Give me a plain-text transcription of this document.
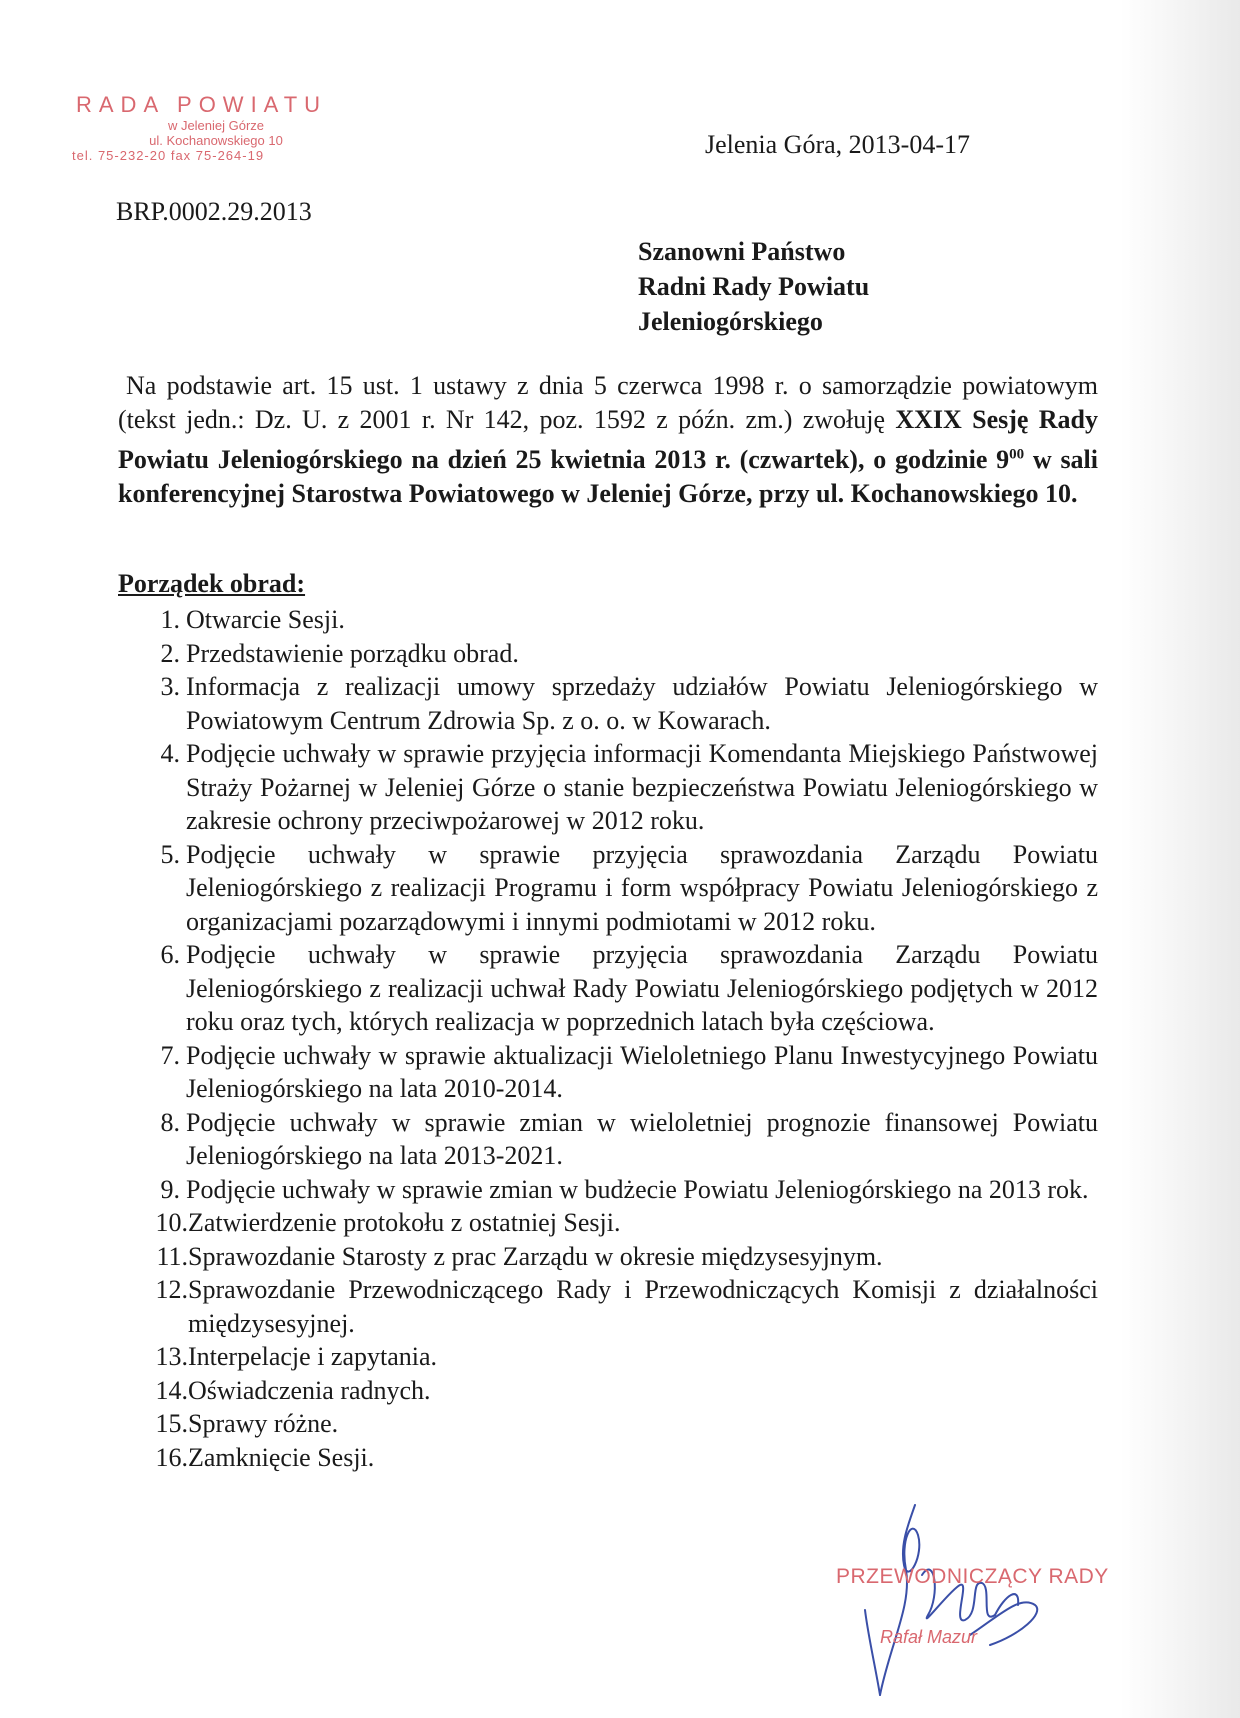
RADA POWIATU
w Jeleniej Górze
ul. Kochanowskiego 10
tel. 75-232-20 fax 75-264-19	Jelenia Góra, 2013-04-17
BRP.0002.29.2013
Szanowni Państwo
Radni Rady Powiatu
Jeleniogórskiego

Na podstawie art. 15 ust. 1 ustawy z dnia 5 czerwca 1998 r. o samorządzie powiatowym (tekst jedn.: Dz. U. z 2001 r. Nr 142, poz. 1592 z późn. zm.) zwołuję XXIX Sesję Rady Powiatu Jeleniogórskiego na dzień 25 kwietnia 2013 r. (czwartek), o godzinie $9^{00}$ w sali konferencyjnej Starostwa Powiatowego w Jeleniej Górze, przy ul. Kochanowskiego 10.

Porządek obrad:
1. Otwarcie Sesji.
2. Przedstawienie porządku obrad.
3. Informacja z realizacji umowy sprzedaży udziałów Powiatu Jeleniogórskiego w Powiatowym Centrum Zdrowia Sp. z o. o. w Kowarach.
4. Podjęcie uchwały w sprawie przyjęcia informacji Komendanta Miejskiego Państwowej Straży Pożarnej w Jeleniej Górze o stanie bezpieczeństwa Powiatu Jeleniogórskiego w zakresie ochrony przeciwpożarowej w 2012 roku.
5. Podjęcie uchwały w sprawie przyjęcia sprawozdania Zarządu Powiatu Jeleniogórskiego z realizacji Programu i form współpracy Powiatu Jeleniogórskiego z organizacjami pozarządowymi i innymi podmiotami w 2012 roku.
6. Podjęcie uchwały w sprawie przyjęcia sprawozdania Zarządu Powiatu Jeleniogórskiego z realizacji uchwał Rady Powiatu Jeleniogórskiego podjętych w 2012 roku oraz tych, których realizacja w poprzednich latach była częściowa.
7. Podjęcie uchwały w sprawie aktualizacji Wieloletniego Planu Inwestycyjnego Powiatu Jeleniogórskiego na lata 2010-2014.
8. Podjęcie uchwały w sprawie zmian w wieloletniej prognozie finansowej Powiatu Jeleniogórskiego na lata 2013-2021.
9. Podjęcie uchwały w sprawie zmian w budżecie Powiatu Jeleniogórskiego na 2013 rok.
10. Zatwierdzenie protokołu z ostatniej Sesji.
11. Sprawozdanie Starosty z prac Zarządu w okresie międzysesyjnym.
12. Sprawozdanie Przewodniczącego Rady i Przewodniczących Komisji z działalności międzysesyjnej.
13. Interpelacje i zapytania.
14. Oświadczenia radnych.
15. Sprawy różne.
16. Zamknięcie Sesji.
PRZEWODNICZĄCY RADY
Rafał Mazur
